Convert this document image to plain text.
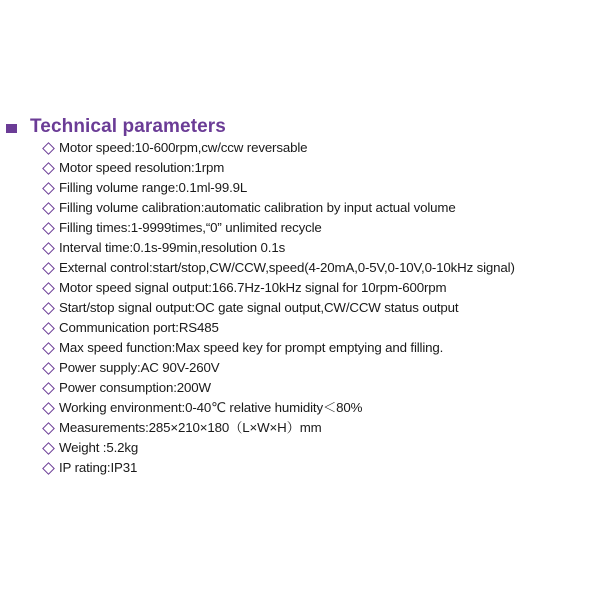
Technical parameters
Motor speed:10-600rpm,cw/ccw reversable
Motor speed resolution:1rpm
Filling volume range:0.1ml-99.9L
Filling volume calibration:automatic calibration by input actual volume
Filling times:1-9999times,“0” unlimited recycle
Interval time:0.1s-99min,resolution 0.1s
External control:start/stop,CW/CCW,speed(4-20mA,0-5V,0-10V,0-10kHz signal)
Motor speed signal output:166.7Hz-10kHz signal for 10rpm-600rpm
Start/stop signal output:OC gate signal output,CW/CCW status output
Communication port:RS485
Max speed function:Max speed key for prompt emptying and filling.
Power supply:AC 90V-260V
Power consumption:200W
Working environment:0-40℃ relative humidity＜80%
Measurements:285×210×180（L×W×H）mm
Weight :5.2kg
IP rating:IP31
